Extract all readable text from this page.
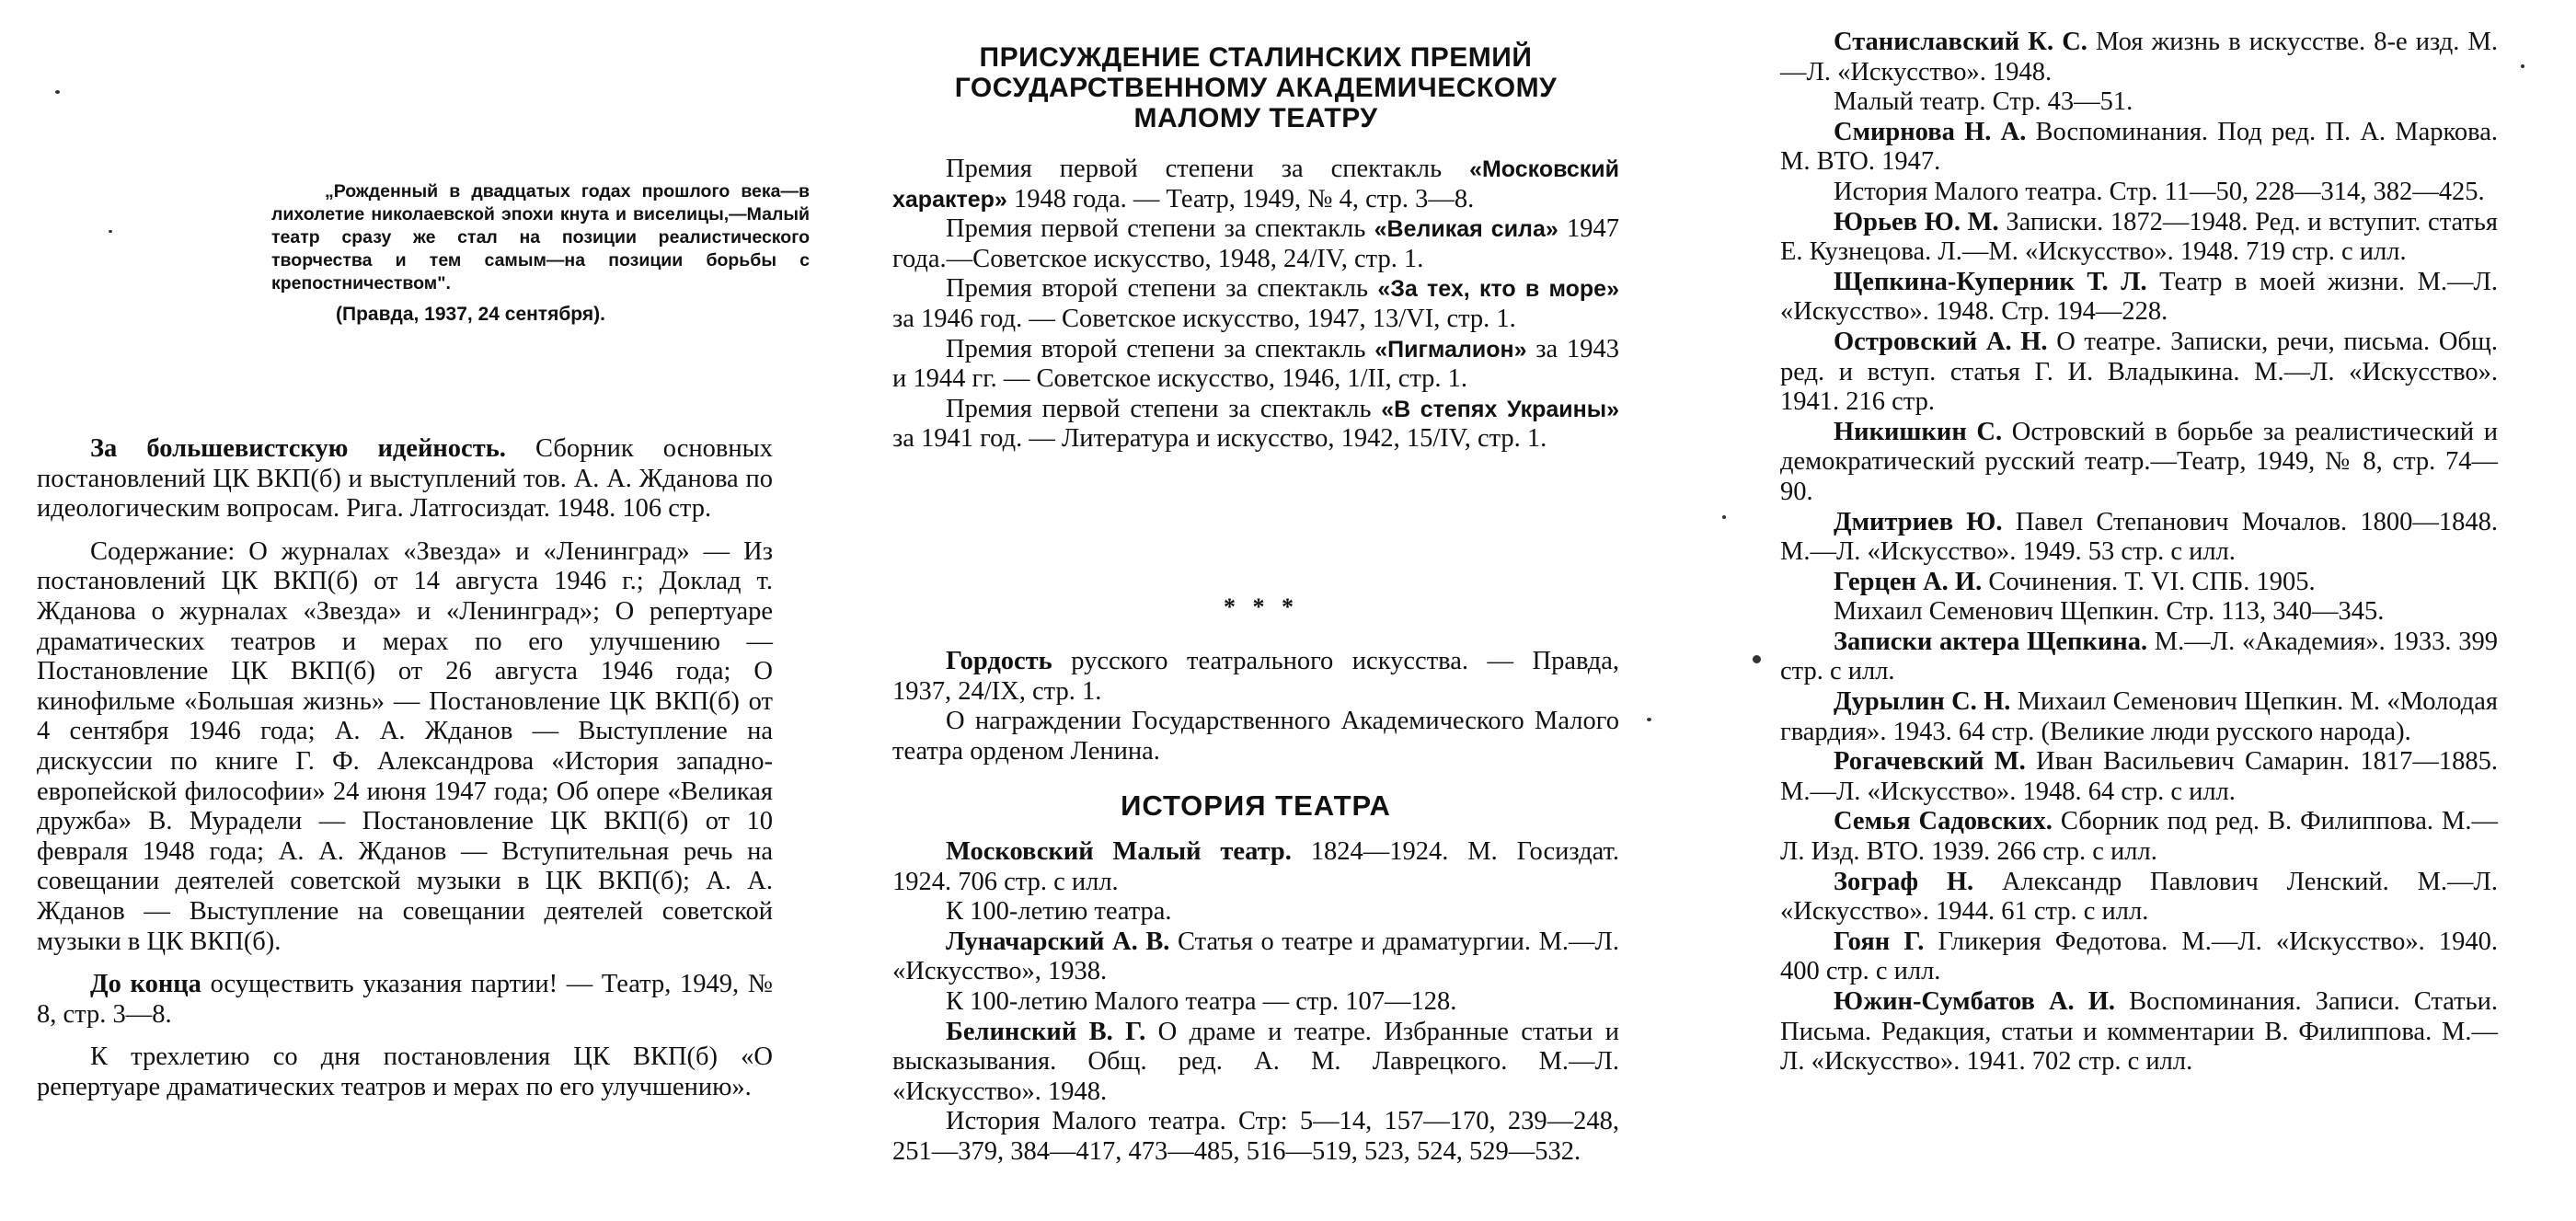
„Рожденный в двадцатых годах прошлого века—в лихолетие николаевской эпохи кнута и виселицы,—Малый театр сразу же стал на позиции реалистического творчества и тем самым—на позиции борьбы с крепостничеством".
(Правда, 1937, 24 сентября).

За большевистскую идейность. Сборник основных постановлений ЦК ВКП(б) и выступлений тов. А. А. Жданова по идеологическим вопросам. Рига. Латгосиздат. 1948. 106 стр.

Содержание: О журналах «Звезда» и «Ленинград» — Из постановлений ЦК ВКП(б) от 14 августа 1946 г.; Доклад т. Жданова о журналах «Звезда» и «Ленинград»; О репертуаре драматических театров и мерах по его улучшению — Постановление ЦК ВКП(б) от 26 августа 1946 года; О кинофильме «Большая жизнь» — Постановление ЦК ВКП(б) от 4 сентября 1946 года; А. А. Жданов — Выступление на дискуссии по книге Г. Ф. Александрова «История западно-европейской философии» 24 июня 1947 года; Об опере «Великая дружба» В. Мурадели — Постановление ЦК ВКП(б) от 10 февраля 1948 года; А. А. Жданов — Вступительная речь на совещании деятелей советской музыки в ЦК ВКП(б); А. А. Жданов — Выступление на совещании деятелей советской музыки в ЦК ВКП(б).

До конца осуществить указания партии! — Театр, 1949, № 8, стр. 3—8.

К трехлетию со дня постановления ЦК ВКП(б) «О репертуаре драматических театров и мерах по его улучшению».

ПРИСУЖДЕНИЕ СТАЛИНСКИХ ПРЕМИЙ ГОСУДАРСТВЕННОМУ АКАДЕМИЧЕСКОМУ МАЛОМУ ТЕАТРУ

Премия первой степени за спектакль «Московский характер» 1948 года. — Театр, 1949, № 4, стр. 3—8.

Премия первой степени за спектакль «Великая сила» 1947 года.—Советское искусство, 1948, 24/IV, стр. 1.

Премия второй степени за спектакль «За тех, кто в море» за 1946 год. — Советское искусство, 1947, 13/VI, стр. 1.

Премия второй степени за спектакль «Пигмалион» за 1943 и 1944 гг. — Советское искусство, 1946, 1/II, стр. 1.

Премия первой степени за спектакль «В степях Украины» за 1941 год. — Литература и искусство, 1942, 15/IV, стр. 1.

* * *

Гордость русского театрального искусства. — Правда, 1937, 24/IX, стр. 1.

О награждении Государственного Академического Малого театра орденом Ленина.

ИСТОРИЯ ТЕАТРА

Московский Малый театр. 1824—1924. М. Госиздат. 1924. 706 стр. с илл.

К 100-летию театра.

Луначарский А. В. Статья о театре и драматургии. М.—Л. «Искусство», 1938.

К 100-летию Малого театра — стр. 107—128.

Белинский В. Г. О драме и театре. Избранные статьи и высказывания. Общ. ред. А. М. Лаврецкого. М.—Л. «Искусство». 1948.

История Малого театра. Стр: 5—14, 157—170, 239—248, 251—379, 384—417, 473—485, 516—519, 523, 524, 529—532.

Станиславский К. С. Моя жизнь в искусстве. 8-е изд. М.—Л. «Искусство». 1948.

Малый театр. Стр. 43—51.

Смирнова Н. А. Воспоминания. Под ред. П. А. Маркова. М. ВТО. 1947.

История Малого театра. Стр. 11—50, 228—314, 382—425.

Юрьев Ю. М. Записки. 1872—1948. Ред. и вступит. статья Е. Кузнецова. Л.—М. «Искусство». 1948. 719 стр. с илл.

Щепкина-Куперник Т. Л. Театр в моей жизни. М.—Л. «Искусство». 1948. Стр. 194—228.

Островский А. Н. О театре. Записки, речи, письма. Общ. ред. и вступ. статья Г. И. Владыкина. М.—Л. «Искусство». 1941. 216 стр.

Никишкин С. Островский в борьбе за реалистический и демократический русский театр.—Театр, 1949, № 8, стр. 74—90.

Дмитриев Ю. Павел Степанович Мочалов. 1800—1848. М.—Л. «Искусство». 1949. 53 стр. с илл.

Герцен А. И. Сочинения. Т. VI. СПБ. 1905.

Михаил Семенович Щепкин. Стр. 113, 340—345.

Записки актера Щепкина. М.—Л. «Академия». 1933. 399 стр. с илл.

Дурылин С. Н. Михаил Семенович Щепкин. М. «Молодая гвардия». 1943. 64 стр. (Великие люди русского народа).

Рогачевский М. Иван Васильевич Самарин. 1817—1885. М.—Л. «Искусство». 1948. 64 стр. с илл.

Семья Садовских. Сборник под ред. В. Филиппова. М.—Л. Изд. ВТО. 1939. 266 стр. с илл.

Зограф Н. Александр Павлович Ленский. М.—Л. «Искусство». 1944. 61 стр. с илл.

Гоян Г. Гликерия Федотова. М.—Л. «Искусство». 1940. 400 стр. с илл.

Южин-Сумбатов А. И. Воспоминания. Записи. Статьи. Письма. Редакция, статьи и комментарии В. Филиппова. М.—Л. «Искусство». 1941. 702 стр. с илл.
